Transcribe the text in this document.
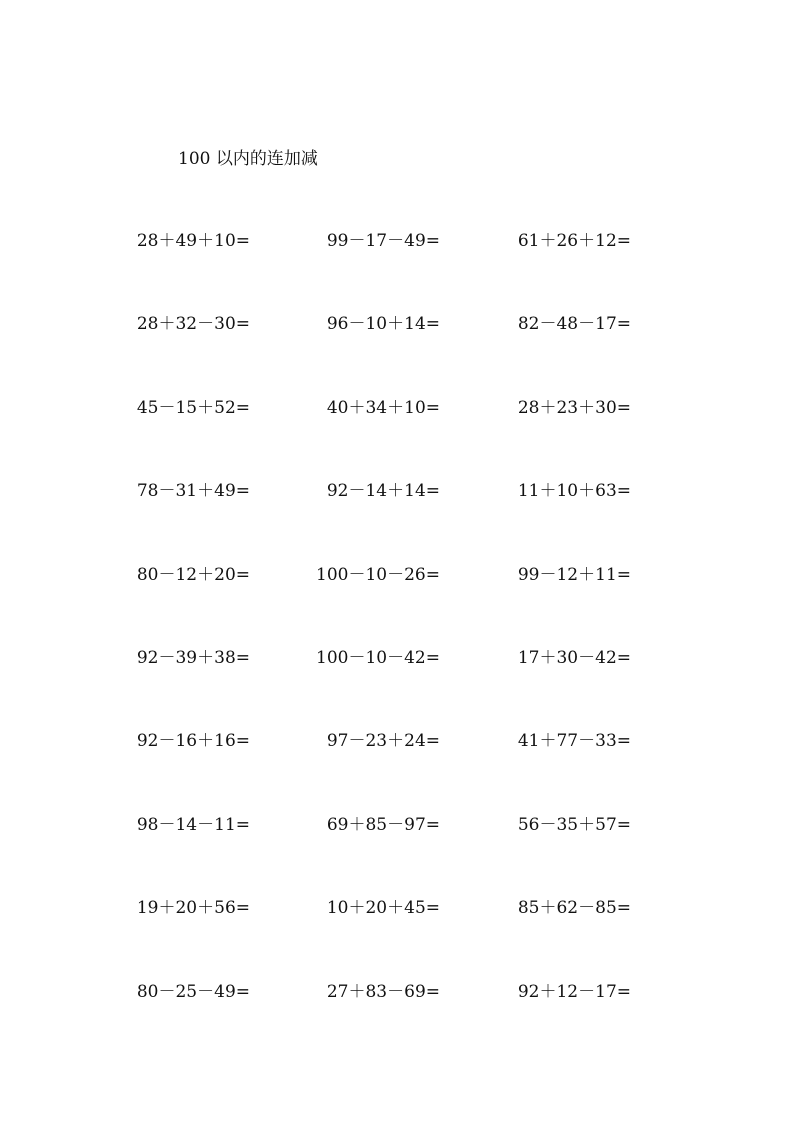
100 以内的连加减
28＋49＋10=	99－17－49=	61＋26＋12=
28＋32－30=	96－10＋14=	82－48－17=
45－15＋52=	40＋34＋10=	28＋23＋30=
78－31＋49=	92－14＋14=	11＋10＋63=
80－12＋20=	100－10－26=	99－12＋11=
92－39＋38=	100－10－42=	17＋30－42=
92－16＋16=	97－23＋24=	41＋77－33=
98－14－11=	69＋85－97=	56－35＋57=
19＋20＋56=	10＋20＋45=	85＋62－85=
80－25－49=	27＋83－69=	92＋12－17=
